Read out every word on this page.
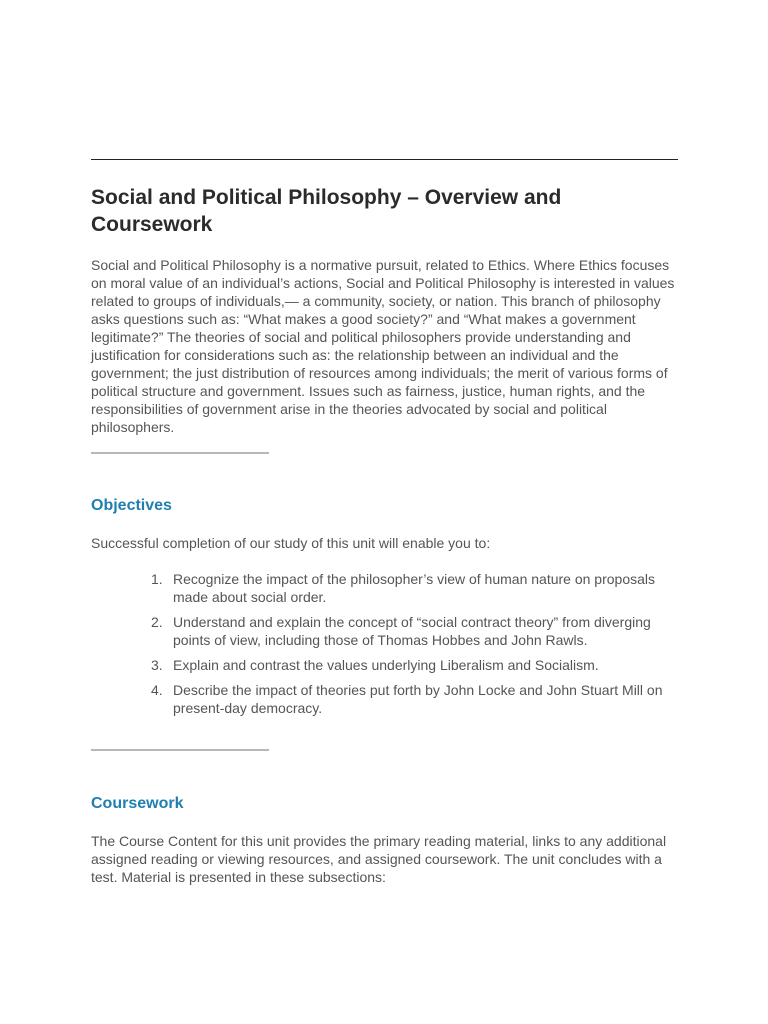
Social and Political Philosophy – Overview and Coursework

Social and Political Philosophy is a normative pursuit, related to Ethics. Where Ethics focuses on moral value of an individual’s actions, Social and Political Philosophy is interested in values related to groups of individuals,— a community, society, or nation. This branch of philosophy asks questions such as: “What makes a good society?” and “What makes a government legitimate?” The theories of social and political philosophers provide understanding and justification for considerations such as: the relationship between an individual and the government; the just distribution of resources among individuals; the merit of various forms of political structure and government. Issues such as fairness, justice, human rights, and the responsibilities of government arise in the theories advocated by social and political philosophers.

Objectives

Successful completion of our study of this unit will enable you to:

1. Recognize the impact of the philosopher’s view of human nature on proposals made about social order.
2. Understand and explain the concept of “social contract theory” from diverging points of view, including those of Thomas Hobbes and John Rawls.
3. Explain and contrast the values underlying Liberalism and Socialism.
4. Describe the impact of theories put forth by John Locke and John Stuart Mill on present-day democracy.
Coursework

The Course Content for this unit provides the primary reading material, links to any additional assigned reading or viewing resources, and assigned coursework. The unit concludes with a test. Material is presented in these subsections:
